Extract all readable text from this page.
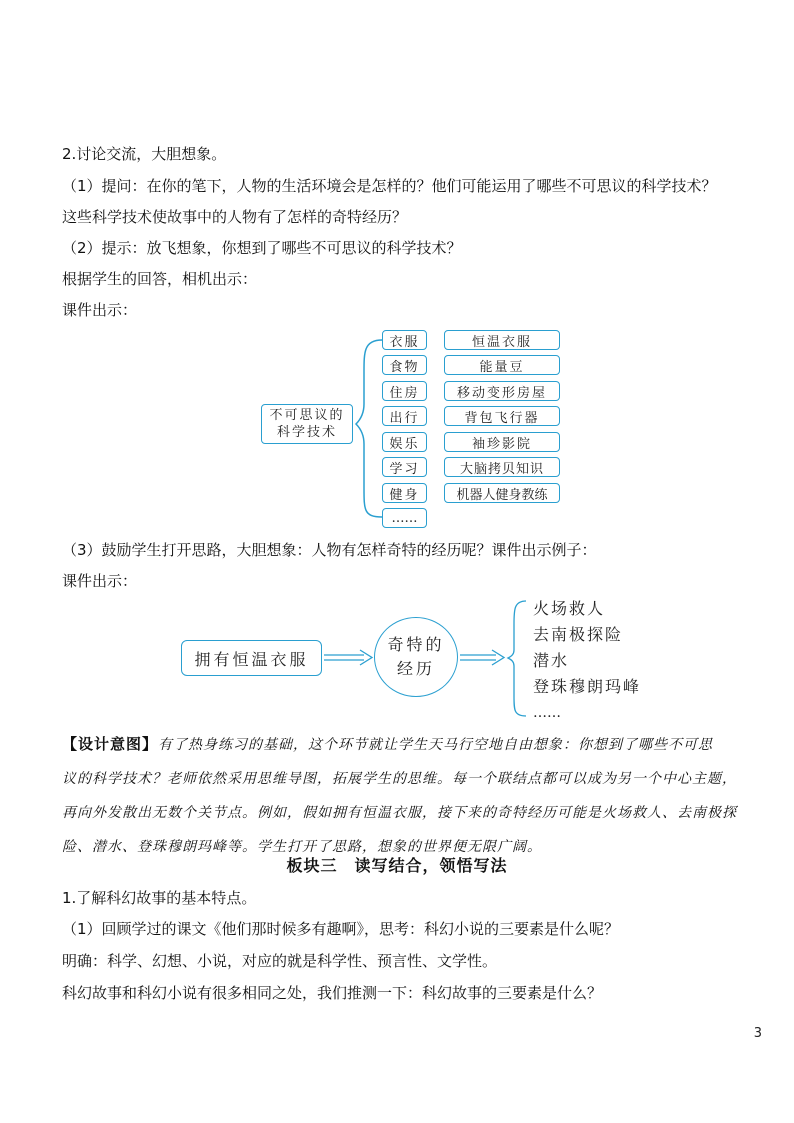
2.讨论交流，大胆想象。
（1）提问：在你的笔下，人物的生活环境会是怎样的？他们可能运用了哪些不可思议的科学技术？
这些科学技术使故事中的人物有了怎样的奇特经历？
（2）提示：放飞想象，你想到了哪些不可思议的科学技术？
根据学生的回答，相机出示：
课件出示：
不可思议的
科学技术
衣服
食物
住房
出行
娱乐
学习
健身
……
恒温衣服
能量豆
移动变形房屋
背包飞行器
袖珍影院
大脑拷贝知识
机器人健身教练
（3）鼓励学生打开思路，大胆想象：人物有怎样奇特的经历呢？课件出示例子：
课件出示：
拥有恒温衣服
奇特的
经历
火场救人
去南极探险
潜水
登珠穆朗玛峰
……
【设计意图】有了热身练习的基础，这个环节就让学生天马行空地自由想象：你想到了哪些不可思
议的科学技术？老师依然采用思维导图，拓展学生的思维。每一个联结点都可以成为另一个中心主题，
再向外发散出无数个关节点。例如，假如拥有恒温衣服，接下来的奇特经历可能是火场救人、去南极探
险、潜水、登珠穆朗玛峰等。学生打开了思路，想象的世界便无限广阔。
板块三　读写结合，领悟写法
1.了解科幻故事的基本特点。
（1）回顾学过的课文《他们那时候多有趣啊》，思考：科幻小说的三要素是什么呢？
明确：科学、幻想、小说，对应的就是科学性、预言性、文学性。
科幻故事和科幻小说有很多相同之处，我们推测一下：科幻故事的三要素是什么？
3
